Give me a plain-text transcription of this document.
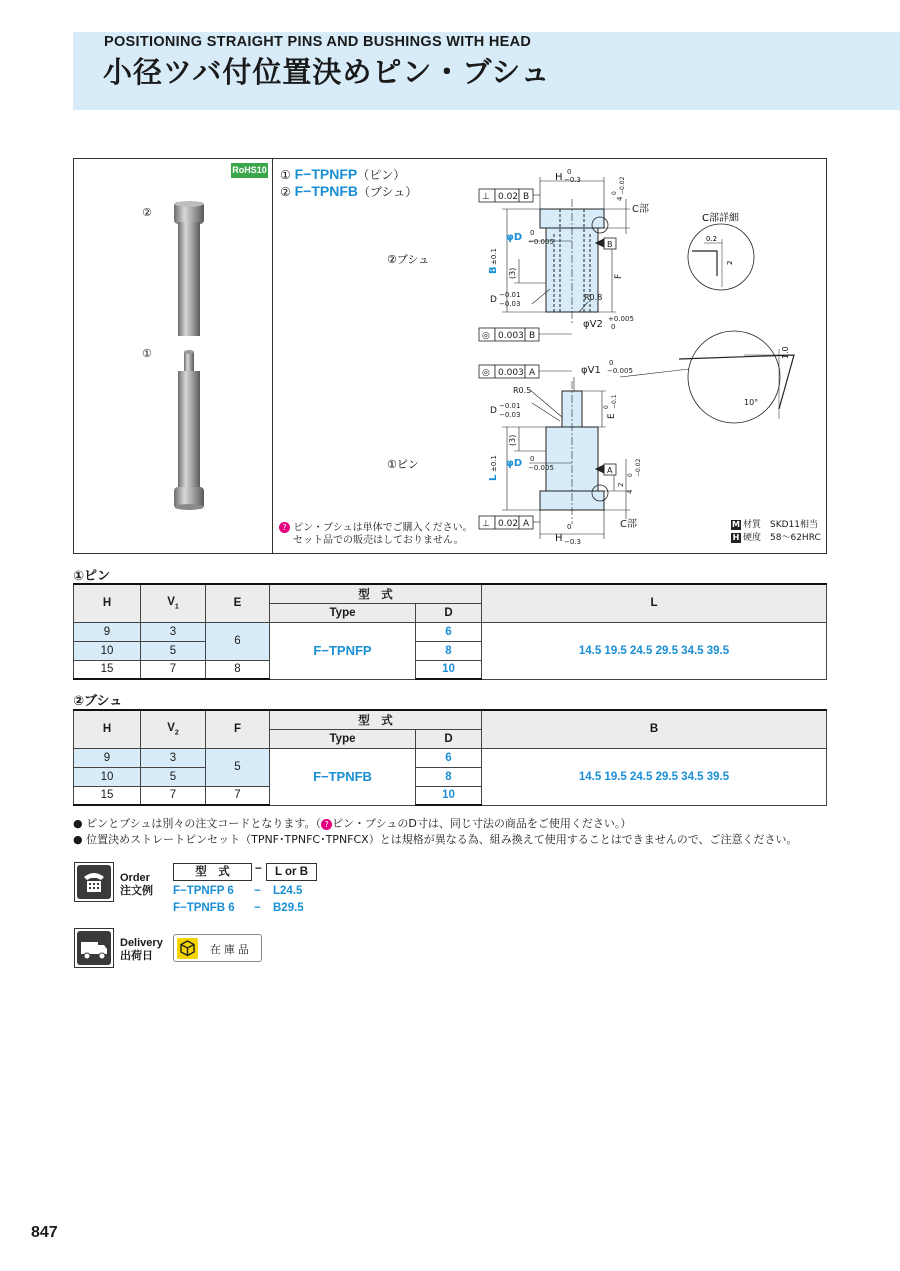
POSITIONING STRAIGHT PINS AND BUSHINGS WITH HEAD
小径ツバ付位置決めピン・ブシュ
RoHS10
②
①
① F−TPNFP（ピン）
② F−TPNFB（ブシュ）
②ブシュ
①ピン
H 0
−0.3
⊥ 0.02 B
C部
φD 0
−0.005	B
B
±0.1
(3)	F
D −0.01
−0.03
R0.8
φV2 +0.005
0
◎ 0.003 B
4
0 −0.02
C部詳細
0.2
2
◎ 0.003 A	φV1
0
−0.005
R0.5
D −0.01
−0.03	E
0 −0.1
(3)
φD 0
−0.005	A
L
±0.1
2
4
0 −0.02
C部
⊥ 0.02 A
H
0
−0.3
1.0
10°
? ピン・ブシュは単体でご購入ください。
セット品での販売はしておりません。
M 材質　 SKD11相当
H 硬度　 58～62HRC
①ピン
H	$V_1$	E	型　式		L
			Type	D	
9	3	6	F−TPNFP	6	14.5 19.5 24.5 29.5 34.5 39.5
10	5			8	
15	7	8		10	
②ブシュ
H	$V_2$	F	型　式		B
			Type	D	
9	3	5	F−TPNFB	6	14.5 19.5 24.5 29.5 34.5 39.5
10	5			8	
15	7	7		10	
● ピンとブシュは別々の注文コードとなります。（ ? ピン・ブシュのD寸は、同じ寸法の商品をご使用ください。）
● 位置決めストレートピンセット（TPNF･TPNFC･TPNFCX）とは規格が異なる為、組み換えて使用することはできませんので、ご注意ください。
Order
注文例
型　式	−	L or B
F−TPNFP 6 − L24.5
F−TPNFB 6 − B29.5
Delivery
出荷日	在庫品
847
